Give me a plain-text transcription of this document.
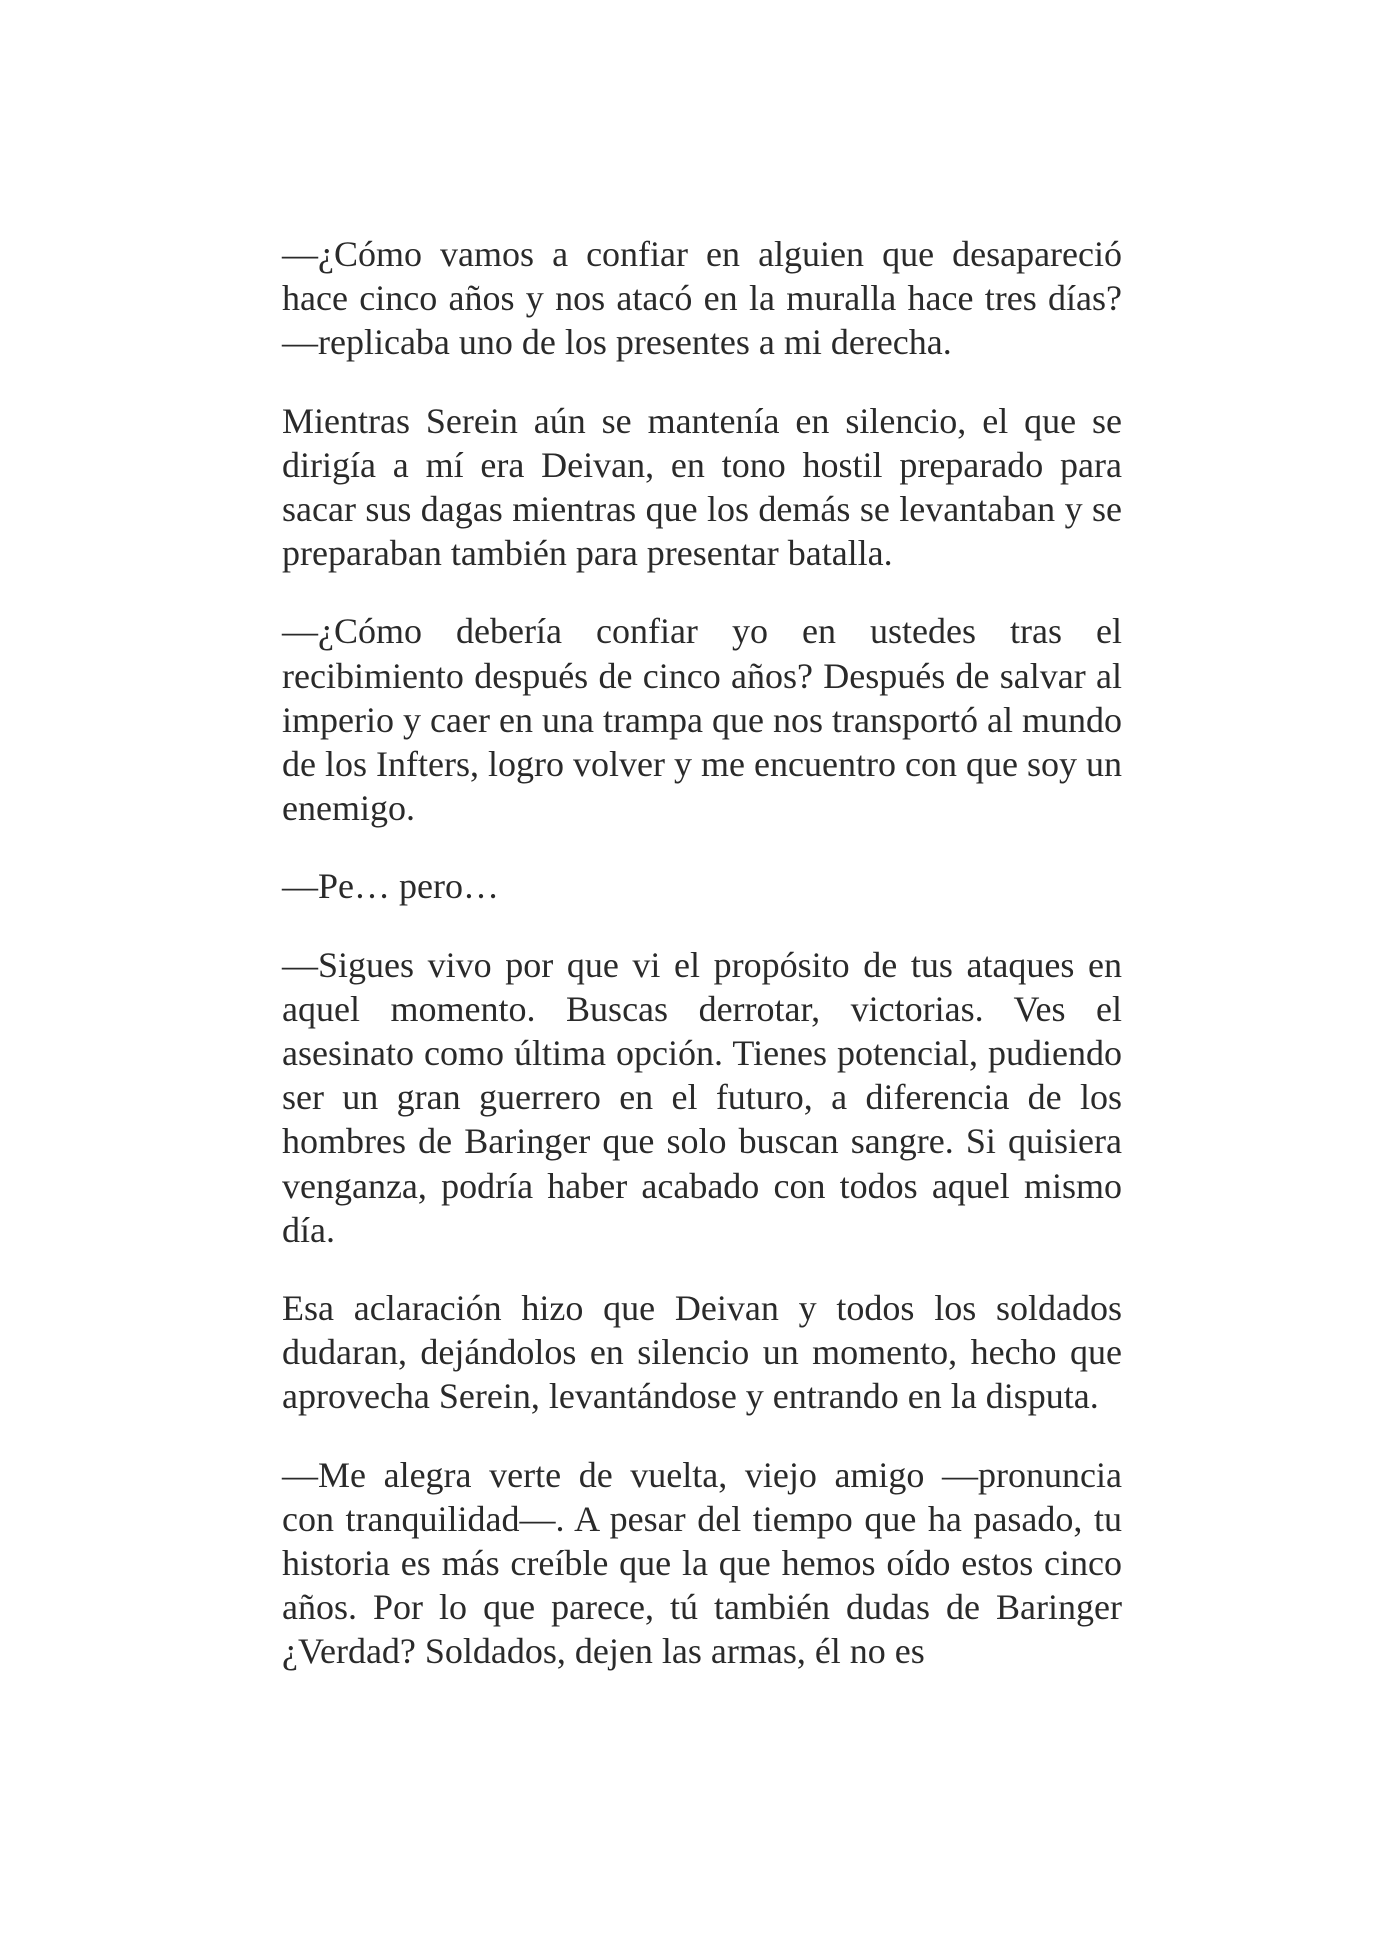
—¿Cómo vamos a confiar en alguien que desapareció hace cinco años y nos atacó en la muralla hace tres días?—replicaba uno de los presentes a mi derecha.

Mientras Serein aún se mantenía en silencio, el que se dirigía a mí era Deivan, en tono hostil preparado para sacar sus dagas mientras que los demás se levantaban y se preparaban también para presentar batalla.

—¿Cómo debería confiar yo en ustedes tras el recibimiento después de cinco años? Después de salvar al imperio y caer en una trampa que nos transportó al mundo de los Infters, logro volver y me encuentro con que soy un enemigo.

—Pe… pero…

—Sigues vivo por que vi el propósito de tus ataques en aquel momento. Buscas derrotar, victorias. Ves el asesinato como última opción. Tienes potencial, pudiendo ser un gran guerrero en el futuro, a diferencia de los hombres de Baringer que solo buscan sangre. Si quisiera venganza, podría haber acabado con todos aquel mismo día.

Esa aclaración hizo que Deivan y todos los soldados dudaran, dejándolos en silencio un momento, hecho que aprovecha Serein, levantándose y entrando en la disputa.

—Me alegra verte de vuelta, viejo amigo —pronuncia con tranquilidad—. A pesar del tiempo que ha pasado, tu historia es más creíble que la que hemos oído estos cinco años. Por lo que parece, tú también dudas de Baringer ¿Verdad? Soldados, dejen las armas, él no es
